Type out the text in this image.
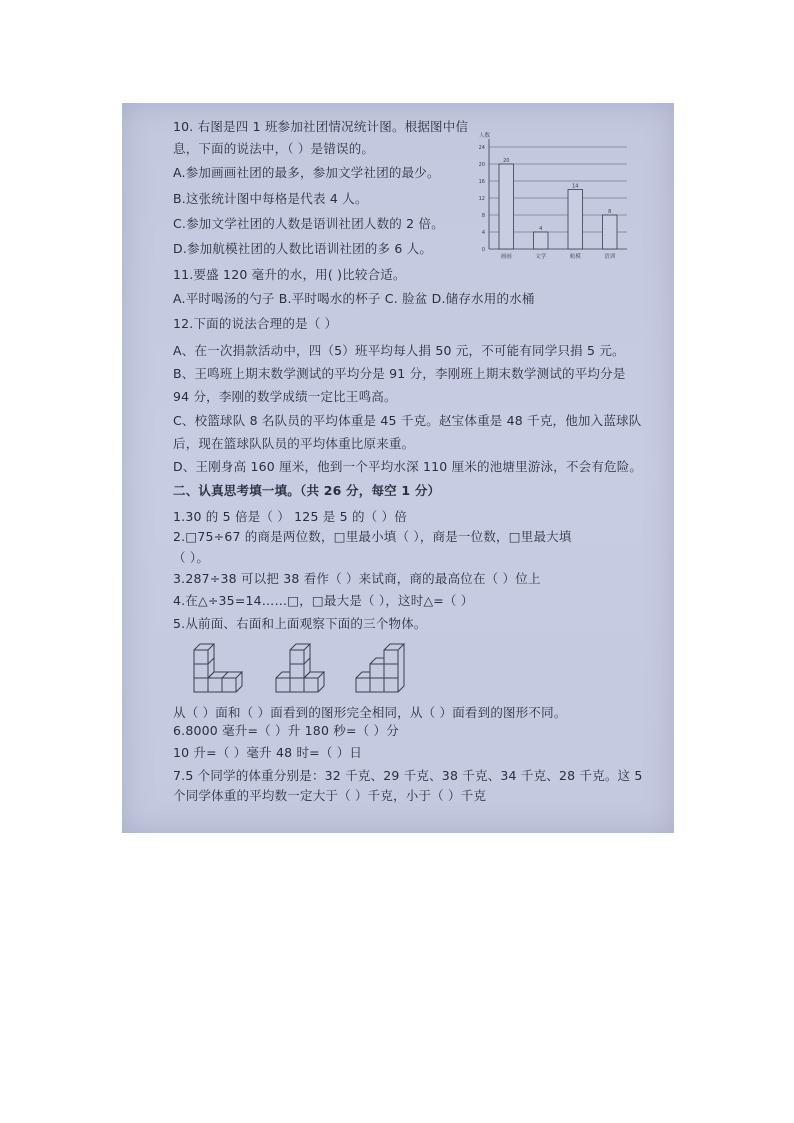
10. 右图是四 1 班参加社团情况统计图。根据图中信
息，下面的说法中，（ ）是错误的。
A.参加画画社团的最多，参加文学社团的最少。
B.这张统计图中每格是代表 4 人。
C.参加文学社团的人数是语训社团人数的 2 倍。
D.参加航模社团的人数比语训社团的多 6 人。
11.要盛 120 毫升的水，用( )比较合适。
A.平时喝汤的勺子 B.平时喝水的杯子 C. 脸盆 D.储存水用的水桶
12.下面的说法合理的是（ ）
A、在一次捐款活动中，四（5）班平均每人捐 50 元，不可能有同学只捐 5 元。
B、王鸣班上期末数学测试的平均分是 91 分，李刚班上期末数学测试的平均分是
94 分，李刚的数学成绩一定比王鸣高。
C、校篮球队 8 名队员的平均体重是 45 千克。赵宝体重是 48 千克，他加入蓝球队
后，现在篮球队队员的平均体重比原来重。
D、王刚身高 160 厘米，他到一个平均水深 110 厘米的池塘里游泳，不会有危险。
二、认真思考填一填。（共 26 分，每空 1 分）
1.30 的 5 倍是（ ） 125 是 5 的（ ）倍
2.□75÷67 的商是两位数，□里最小填（ ），商是一位数，□里最大填
（ ）。
3.287÷38 可以把 38 看作（ ）来试商，商的最高位在（ ）位上
4.在△÷35=14……□，□最大是（ ），这时△=（ ）
5.从前面、右面和上面观察下面的三个物体。
从（ ）面和（ ）面看到的图形完全相同，从（ ）面看到的图形不同。
6.8000 毫升=（ ）升 180 秒=（ ）分
10 升=（ ）毫升 48 时=（ ）日
7.5 个同学的体重分别是：32 千克、29 千克、38 千克、34 千克、28 千克。这 5
个同学体重的平均数一定大于（ ）千克，小于（ ）千克
人数
0
4
8
12
16
20
24
20
画画
4
文学
14
航模
8
语训
